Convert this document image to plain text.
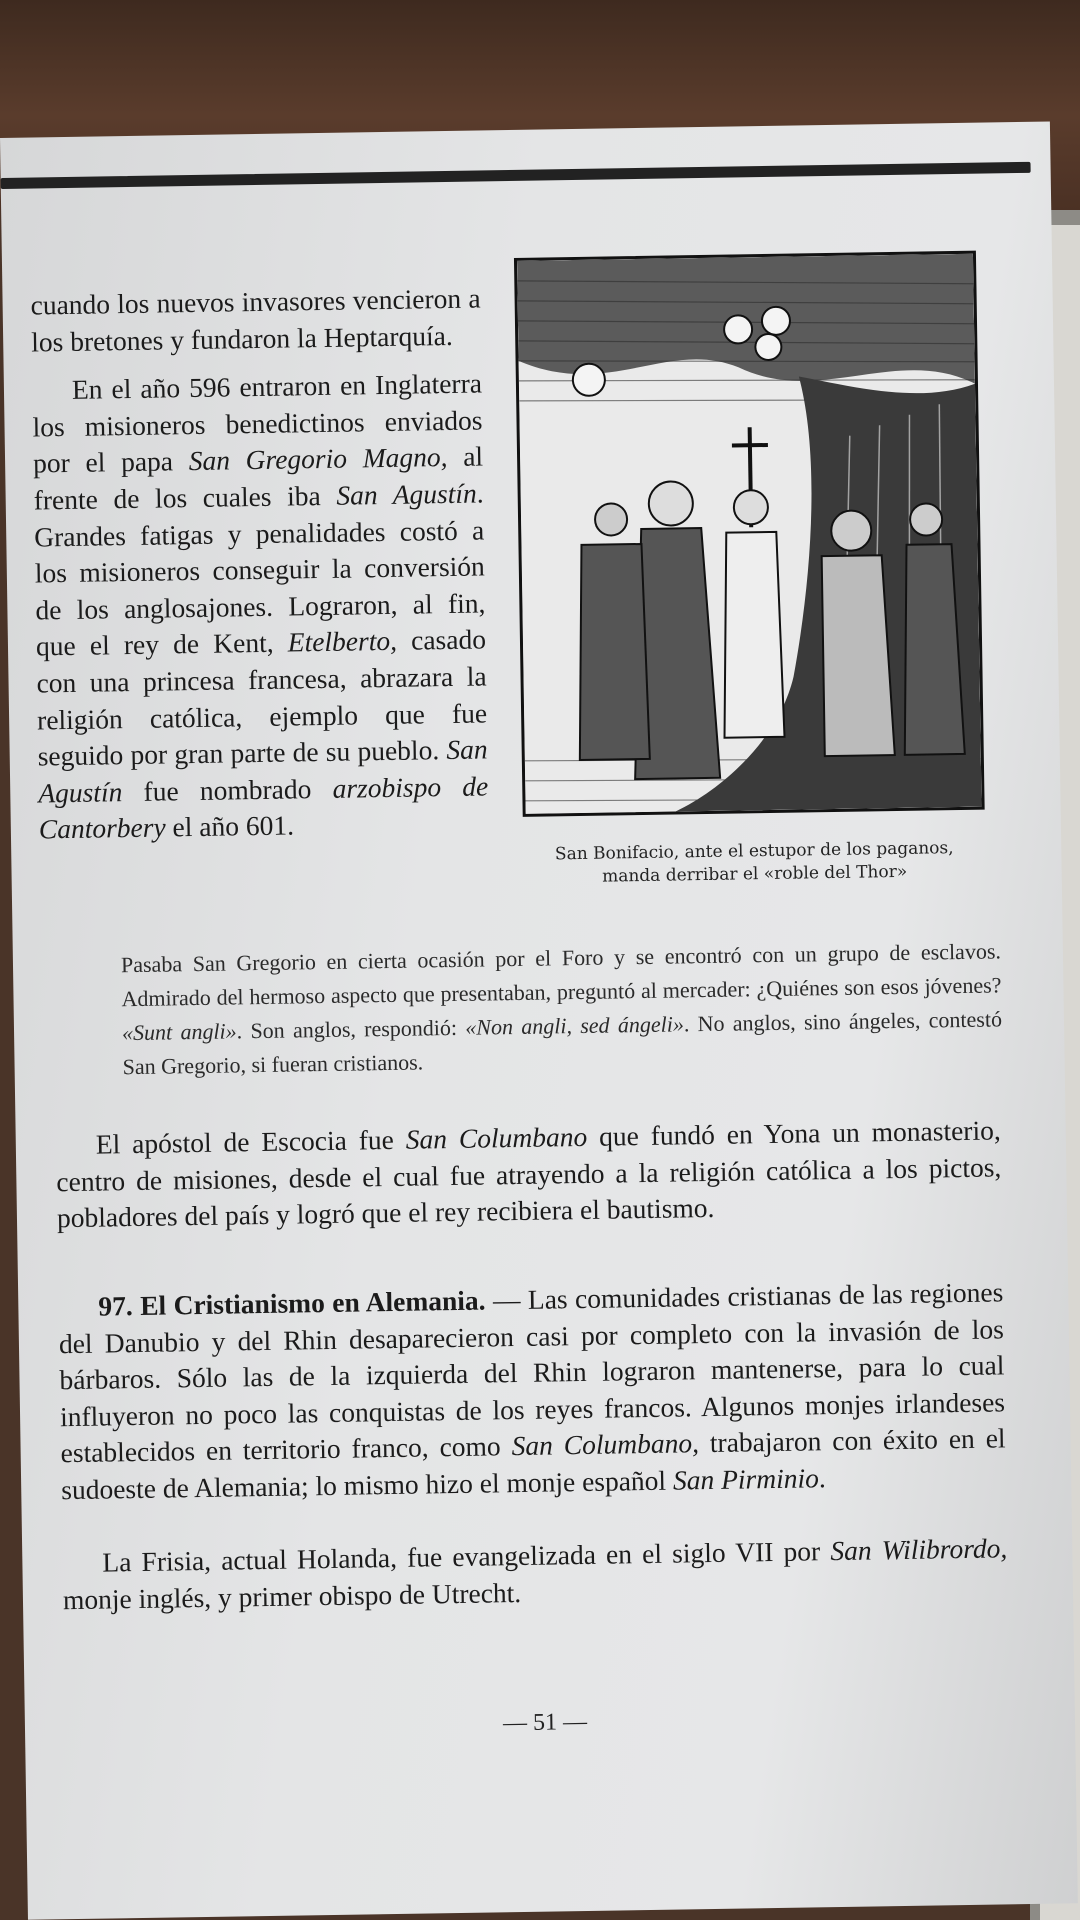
cuando los nuevos invasores vencieron a los bretones y fundaron la Heptarquía.
En el año 596 entraron en Inglaterra los misioneros benedictinos enviados por el papa San Gregorio Magno, al frente de los cuales iba San Agustín. Grandes fatigas y penalidades costó a los misioneros conseguir la conversión de los anglosajones. Lograron, al fin, que el rey de Kent, Etelberto, casado con una princesa francesa, abrazara la religión católica, ejemplo que fue seguido por gran parte de su pueblo. San Agustín fue nombrado arzobispo de Cantorbery el año 601.
San Bonifacio, ante el estupor de los paganos,
manda derribar el «roble del Thor»
Pasaba San Gregorio en cierta ocasión por el Foro y se encontró con un grupo de esclavos. Admirado del hermoso aspecto que presentaban, preguntó al mercader: ¿Quiénes son esos jóvenes? «Sunt angli». Son anglos, respondió: «Non angli, sed ángeli». No anglos, sino ángeles, contestó San Gregorio, si fueran cristianos.
El apóstol de Escocia fue San Columbano que fundó en Yona un monasterio, centro de misiones, desde el cual fue atrayendo a la religión católica a los pictos, pobladores del país y logró que el rey recibiera el bautismo.
97. El Cristianismo en Alemania. — Las comunidades cristianas de las regiones del Danubio y del Rhin desaparecieron casi por completo con la invasión de los bárbaros. Sólo las de la izquierda del Rhin lograron mantenerse, para lo cual influyeron no poco las conquistas de los reyes francos. Algunos monjes irlandeses establecidos en territorio franco, como San Columbano, trabajaron con éxito en el sudoeste de Alemania; lo mismo hizo el monje español San Pirminio.
La Frisia, actual Holanda, fue evangelizada en el siglo VII por San Wilibrordo, monje inglés, y primer obispo de Utrecht.
— 51 —
